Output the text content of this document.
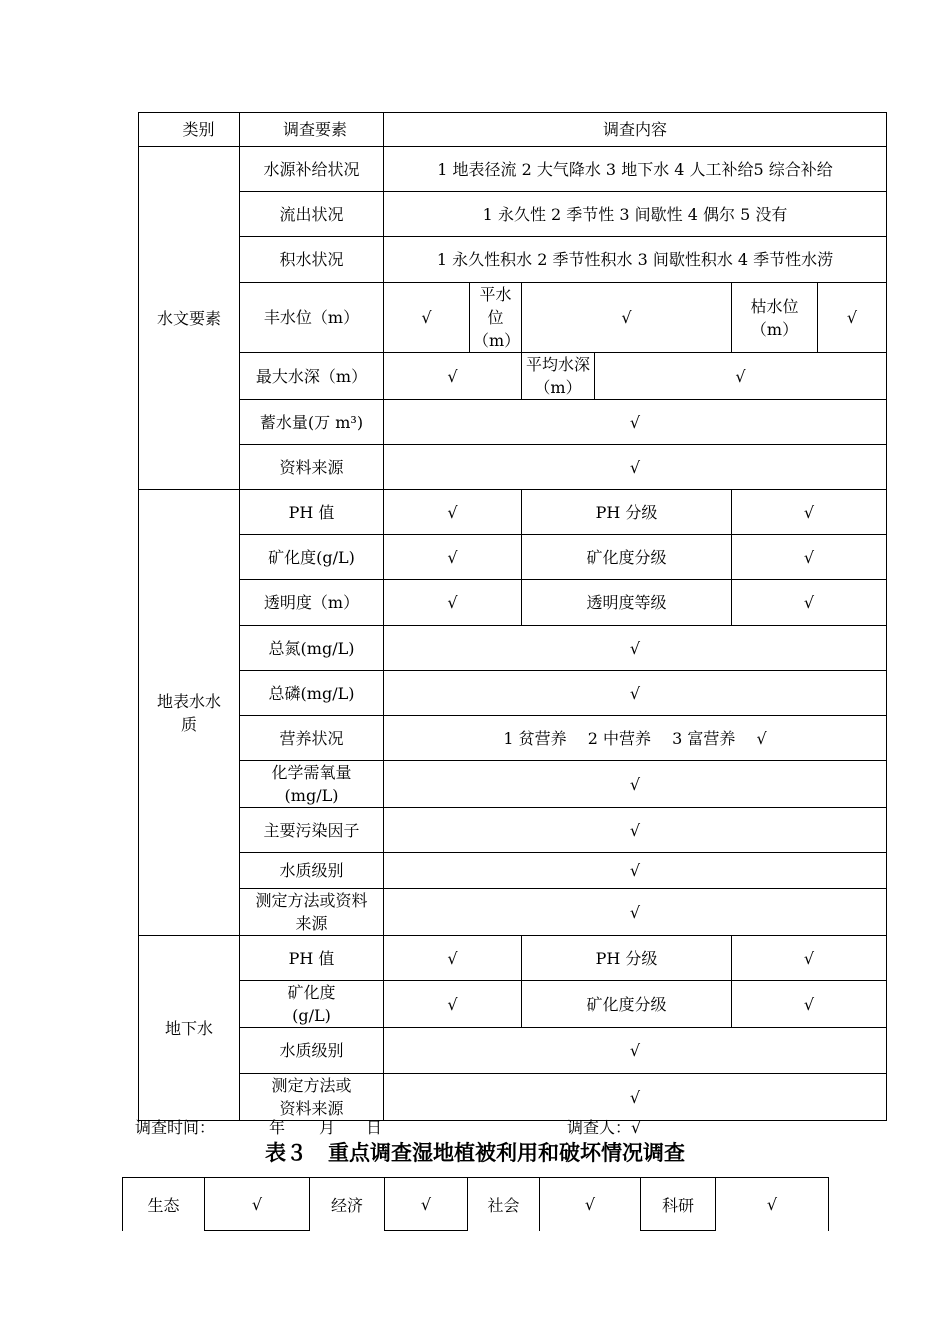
类别	调查要素	调查内容					
水文要素	水源补给状况	1 地表径流 2 大气降水 3 地下水 4 人工补给5 综合补给					
	流出状况	1 永久性 2 季节性 3 间歇性 4 偶尔 5 没有					
	积水状况	1 永久性积水 2 季节性积水 3 间歇性积水 4 季节性水涝					
	丰水位（m）	√	平水位（m）	√		枯水位（m）	√
	最大水深（m）	√		平均水深（m）	√		
	蓄水量(万 m³)	√					
	资料来源	√					
地表水水质	PH 值	√		PH 分级		√	
	矿化度(g/L)	√		矿化度分级		√	
	透明度（m）	√		透明度等级		√	
	总氮(mg/L)	√					
	总磷(mg/L)	√					
	营养状况	1 贫营养　 2 中营养　 3 富营养　 √					
	化学需氧量(mg/L)	√					
	主要污染因子	√					
	水质级别	√					
	测定方法或资料来源	√					
地下水	PH 值	√		PH 分级		√	
	矿化度(g/L)	√		矿化度分级		√	
	水质级别	√					
	测定方法或资料来源	√					
调查时间：	年 月 日	调查人：√
表３　重点调查湿地植被利用和破坏情况调查
生态	√	经济	√	社会	√	科研	√
